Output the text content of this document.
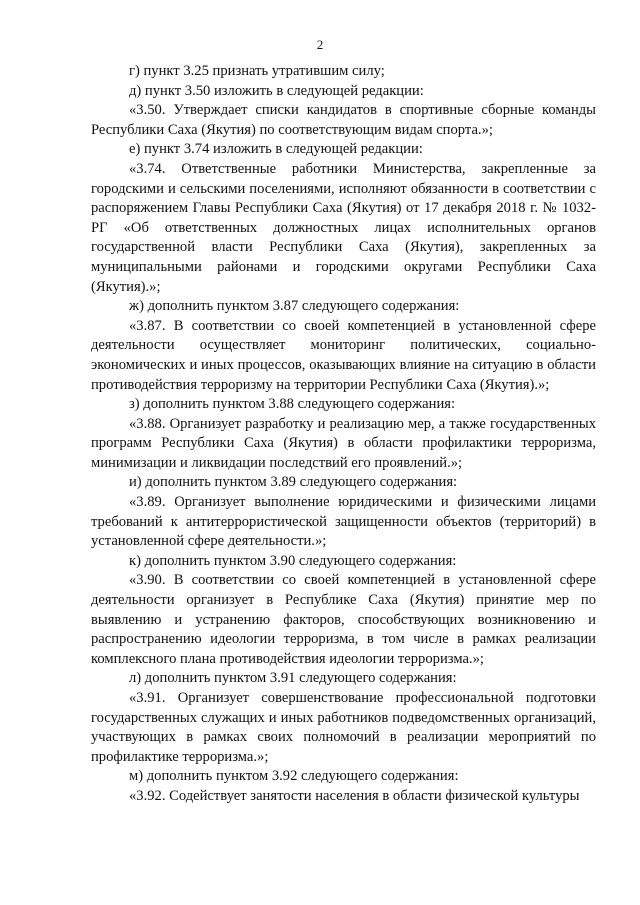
2

г) пункт 3.25 признать утратившим силу;

д) пункт 3.50 изложить в следующей редакции:

«3.50. Утверждает списки кандидатов в спортивные сборные команды Республики Саха (Якутия) по соответствующим видам спорта.»;

е) пункт 3.74 изложить в следующей редакции:

«3.74. Ответственные работники Министерства, закрепленные за городскими и сельскими поселениями, исполняют обязанности в соответствии с распоряжением Главы Республики Саха (Якутия) от 17 декабря 2018 г. № 1032-РГ «Об ответственных должностных лицах исполнительных органов государственной власти Республики Саха (Якутия), закрепленных за муниципальными районами и городскими округами Республики Саха (Якутия).»;

ж) дополнить пунктом 3.87 следующего содержания:

«3.87. В соответствии со своей компетенцией в установленной сфере деятельности осуществляет мониторинг политических, социально-экономических и иных процессов, оказывающих влияние на ситуацию в области противодействия терроризму на территории Республики Саха (Якутия).»;

з) дополнить пунктом 3.88 следующего содержания:

«3.88. Организует разработку и реализацию мер, а также государственных программ Республики Саха (Якутия) в области профилактики терроризма, минимизации и ликвидации последствий его проявлений.»;

и) дополнить пунктом 3.89 следующего содержания:

«3.89. Организует выполнение юридическими и физическими лицами требований к антитеррористической защищенности объектов (территорий) в установленной сфере деятельности.»;

к) дополнить пунктом 3.90 следующего содержания:

«3.90. В соответствии со своей компетенцией в установленной сфере деятельности организует в Республике Саха (Якутия) принятие мер по выявлению и устранению факторов, способствующих возникновению и распространению идеологии терроризма, в том числе в рамках реализации комплексного плана противодействия идеологии терроризма.»;

л) дополнить пунктом 3.91 следующего содержания:

«3.91. Организует совершенствование профессиональной подготовки государственных служащих и иных работников подведомственных организаций, участвующих в рамках своих полномочий в реализации мероприятий по профилактике терроризма.»;

м) дополнить пунктом 3.92 следующего содержания:

«3.92. Содействует занятости населения в области физической культуры
